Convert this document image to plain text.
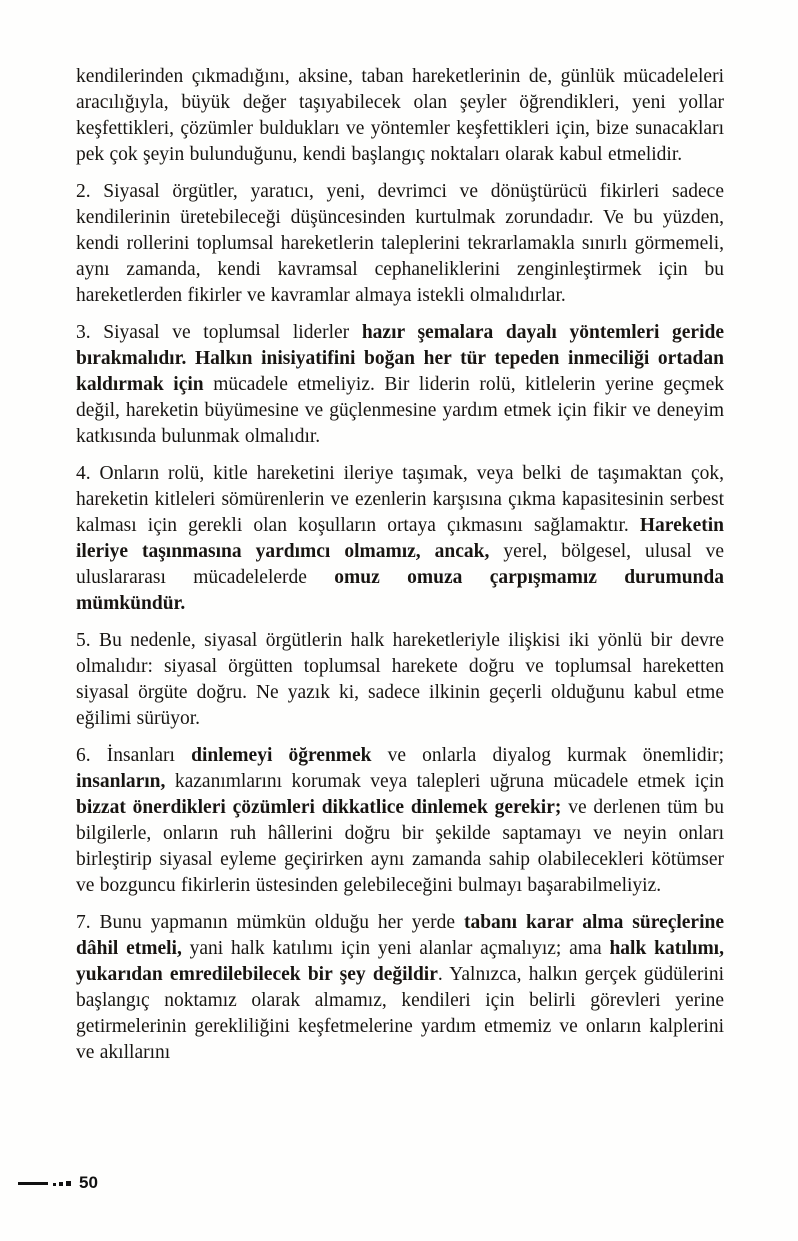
kendilerinden çıkmadığını, aksine, taban hareketlerinin de, günlük mücadeleleri aracılığıyla, büyük değer taşıyabilecek olan şeyler öğrendikleri, yeni yollar keşfettikleri, çözümler buldukları ve yöntemler keşfettikleri için, bize sunacakları pek çok şeyin bulunduğunu, kendi başlangıç noktaları olarak kabul etmelidir.

2. Siyasal örgütler, yaratıcı, yeni, devrimci ve dönüştürücü fikirleri sadece kendilerinin üretebileceği düşüncesinden kurtulmak zorundadır. Ve bu yüzden, kendi rollerini toplumsal hareketlerin taleplerini tekrarlamakla sınırlı görmemeli, aynı zamanda, kendi kavramsal cephaneliklerini zenginleştirmek için bu hareketlerden fikirler ve kavramlar almaya istekli olmalıdırlar.

3. Siyasal ve toplumsal liderler hazır şemalara dayalı yöntemleri geride bırakmalıdır. Halkın inisiyatifini boğan her tür tepeden inmeciliği ortadan kaldırmak için mücadele etmeliyiz. Bir liderin rolü, kitlelerin yerine geçmek değil, hareketin büyümesine ve güçlenmesine yardım etmek için fikir ve deneyim katkısında bulunmak olmalıdır.

4. Onların rolü, kitle hareketini ileriye taşımak, veya belki de taşımaktan çok, hareketin kitleleri sömürenlerin ve ezenlerin karşısına çıkma kapasitesinin serbest kalması için gerekli olan koşulların ortaya çıkmasını sağlamaktır. Hareketin ileriye taşınmasına yardımcı olmamız, ancak, yerel, bölgesel, ulusal ve uluslararası mücadelelerde omuz omuza çarpışmamız durumunda mümkündür.

5. Bu nedenle, siyasal örgütlerin halk hareketleriyle ilişkisi iki yönlü bir devre olmalıdır: siyasal örgütten toplumsal harekete doğru ve toplumsal hareketten siyasal örgüte doğru. Ne yazık ki, sadece ilkinin geçerli olduğunu kabul etme eğilimi sürüyor.

6. İnsanları dinlemeyi öğrenmek ve onlarla diyalog kurmak önemlidir; insanların, kazanımlarını korumak veya talepleri uğruna mücadele etmek için bizzat önerdikleri çözümleri dikkatlice dinlemek gerekir; ve derlenen tüm bu bilgilerle, onların ruh hâllerini doğru bir şekilde saptamayı ve neyin onları birleştirip siyasal eyleme geçirirken aynı zamanda sahip olabilecekleri kötümser ve bozguncu fikirlerin üstesinden gelebileceğini bulmayı başarabilmeliyiz.

7. Bunu yapmanın mümkün olduğu her yerde tabanı karar alma süreçlerine dâhil etmeli, yani halk katılımı için yeni alanlar açmalıyız; ama halk katılımı, yukarıdan emredilebilecek bir şey değildir. Yalnızca, halkın gerçek güdülerini başlangıç noktamız olarak almamız, kendileri için belirli görevleri yerine getirmelerinin gerekliliğini keşfetmelerine yardım etmemiz ve onların kalplerini ve akıllarını

50
